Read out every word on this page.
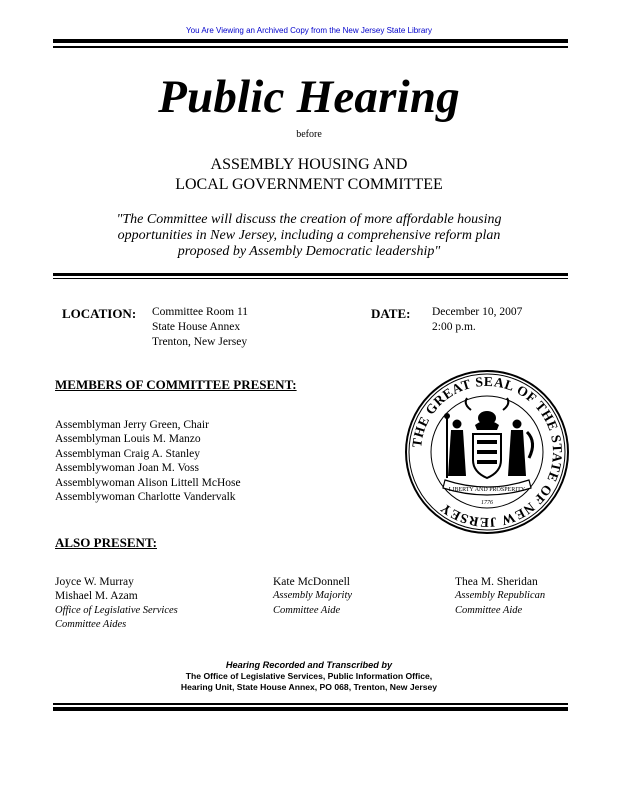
You Are Viewing an Archived Copy from the New Jersey State Library
Public Hearing
before
ASSEMBLY HOUSING AND
LOCAL GOVERNMENT COMMITTEE
"The Committee will discuss the creation of more affordable housing
opportunities in New Jersey, including a comprehensive reform plan
proposed by Assembly Democratic leadership"
LOCATION: Committee Room 11
State House Annex
Trenton, New Jersey
DATE: December 10, 2007
2:00 p.m.
MEMBERS OF COMMITTEE PRESENT:
Assemblyman Jerry Green, Chair
Assemblyman Louis M. Manzo
Assemblyman Craig A. Stanley
Assemblywoman Joan M. Voss
Assemblywoman Alison Littell McHose
Assemblywoman Charlotte Vandervalk
THE GREAT SEAL OF THE STATE OF NEW JERSEY
LIBERTY AND PROSPERITY
1776
ALSO PRESENT:
Joyce W. Murray
Mishael M. Azam
Office of Legislative Services
Committee Aides
Kate McDonnell
Assembly Majority
Committee Aide
Thea M. Sheridan
Assembly Republican
Committee Aide
Hearing Recorded and Transcribed by
The Office of Legislative Services, Public Information Office,
Hearing Unit, State House Annex, PO 068, Trenton, New Jersey
